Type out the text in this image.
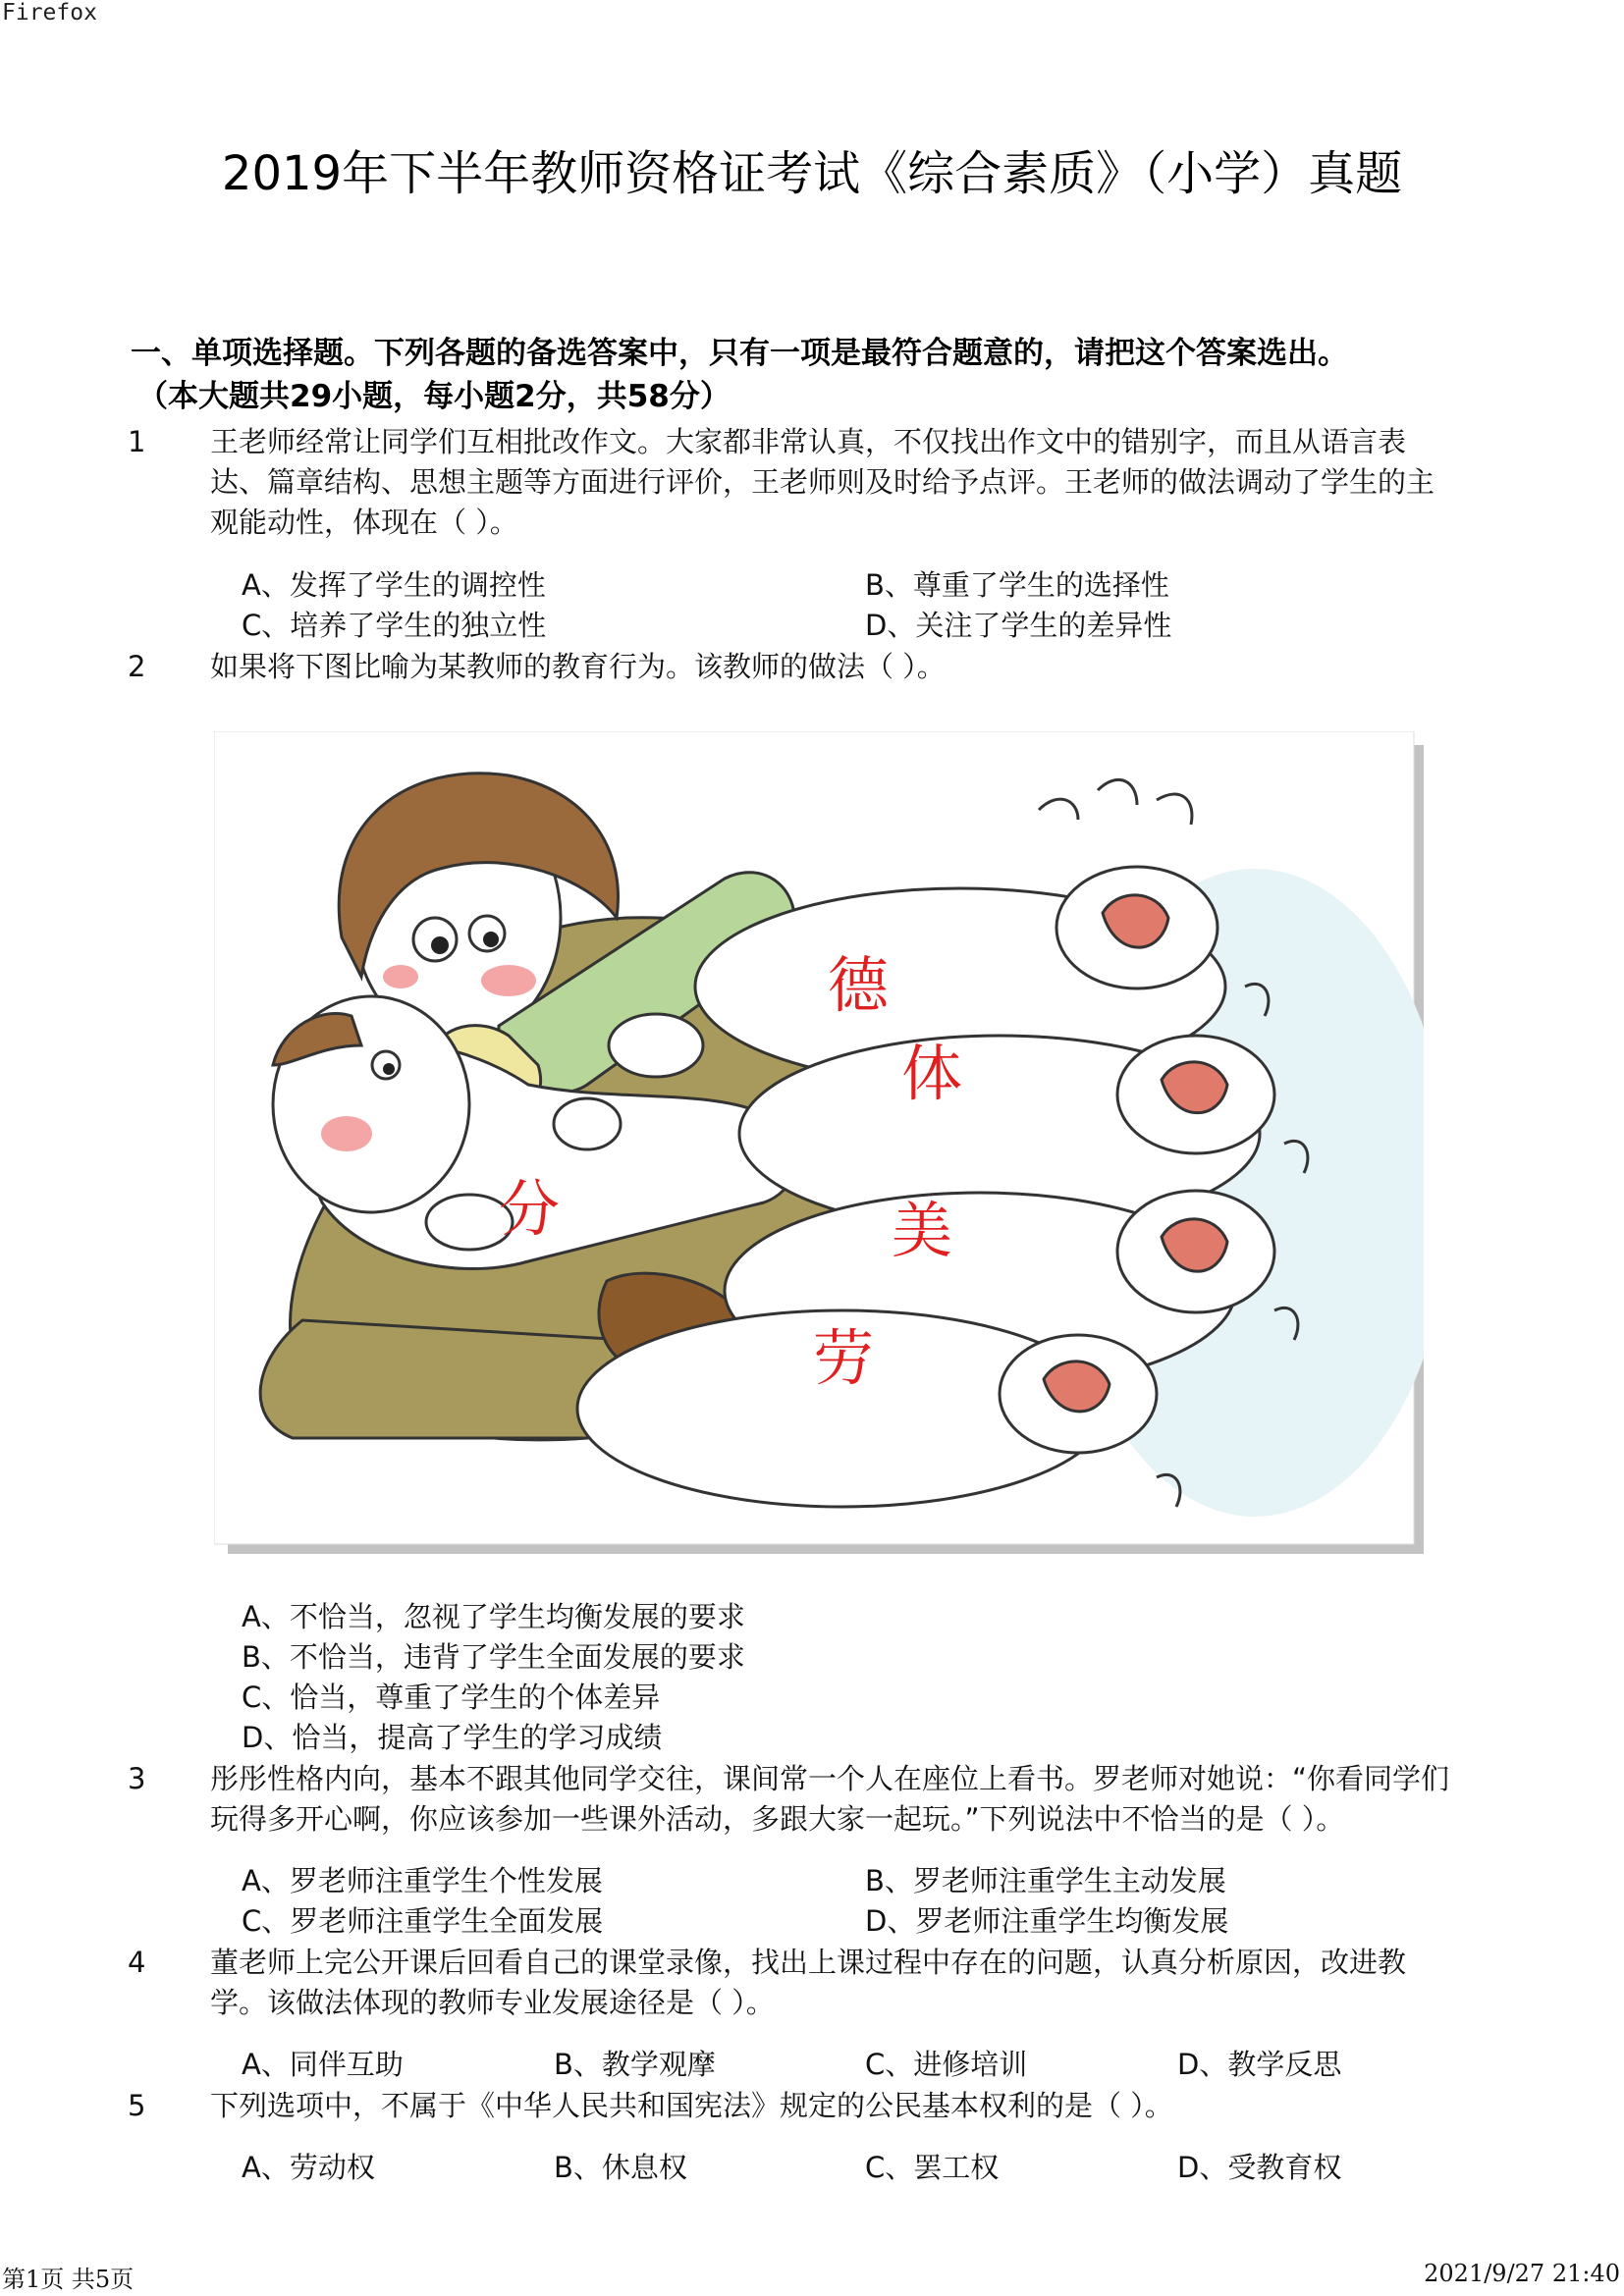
Firefox
2019年下半年教师资格证考试《综合素质》（小学）真题
一、单项选择题。下列各题的备选答案中，只有一项是最符合题意的，请把这个答案选出。
（本大题共29小题，每小题2分，共58分）
1 王老师经常让同学们互相批改作文。大家都非常认真，不仅找出作文中的错别字，而且从语言表
达、篇章结构、思想主题等方面进行评价，王老师则及时给予点评。王老师的做法调动了学生的主
观能动性，体现在（ ）。
A、发挥了学生的调控性	B、尊重了学生的选择性
C、培养了学生的独立性	D、关注了学生的差异性
2 如果将下图比喻为某教师的教育行为。该教师的做法（ ）。
分
德
体
美
劳
A、不恰当，忽视了学生均衡发展的要求
B、不恰当，违背了学生全面发展的要求
C、恰当，尊重了学生的个体差异
D、恰当，提高了学生的学习成绩
3 彤彤性格内向，基本不跟其他同学交往，课间常一个人在座位上看书。罗老师对她说：“你看同学们
玩得多开心啊，你应该参加一些课外活动，多跟大家一起玩。”下列说法中不恰当的是（ ）。
A、罗老师注重学生个性发展	B、罗老师注重学生主动发展
C、罗老师注重学生全面发展	D、罗老师注重学生均衡发展
4 董老师上完公开课后回看自己的课堂录像，找出上课过程中存在的问题，认真分析原因，改进教
学。该做法体现的教师专业发展途径是（ ）。
A、同伴互助	B、教学观摩	C、进修培训	D、教学反思
5 下列选项中，不属于《中华人民共和国宪法》规定的公民基本权利的是（ ）。
A、劳动权	B、休息权	C、罢工权	D、受教育权
第1页 共5页	2021/9/27 21:40
